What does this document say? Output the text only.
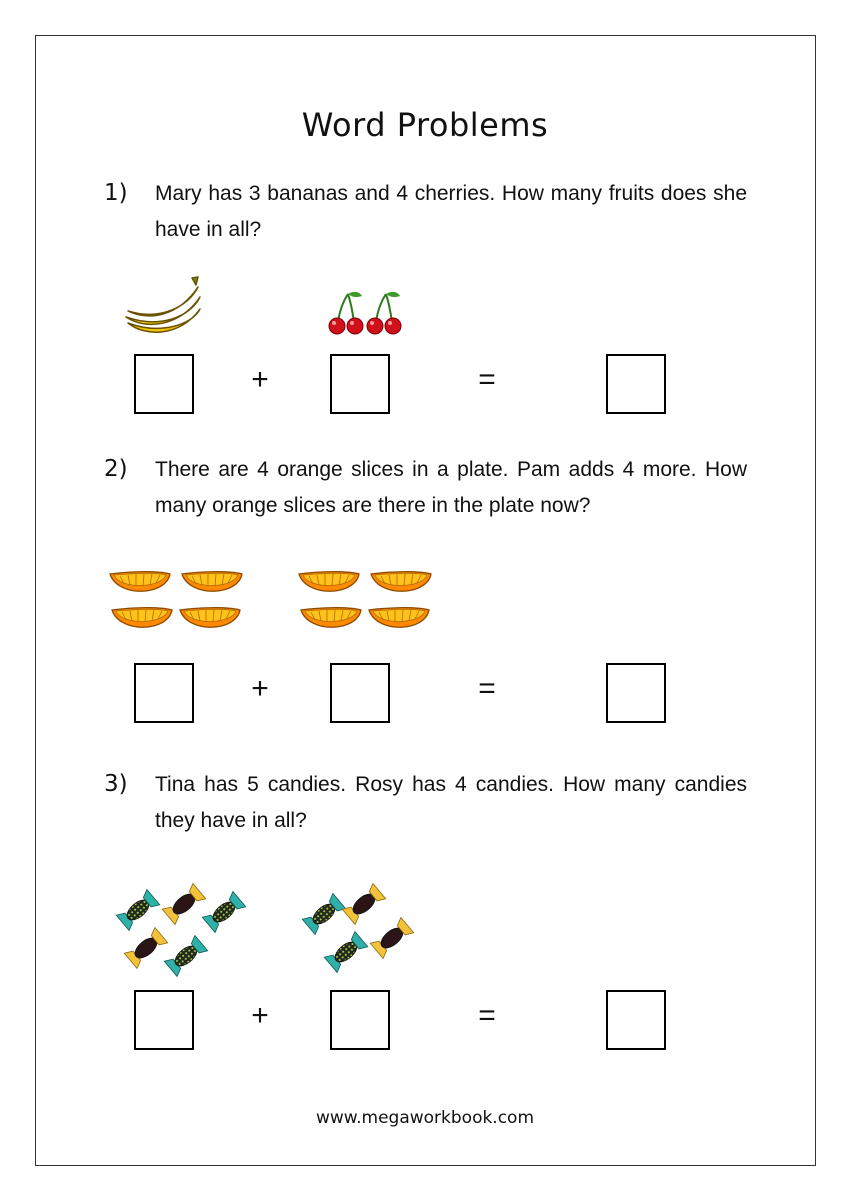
Word Problems
1) Mary has 3 bananas and 4 cherries. How many fruits does she have in all?
+	=
2) There are 4 orange slices in a plate. Pam adds 4 more. How many orange slices are there in the plate now?
+	=
3) Tina has 5 candies. Rosy has 4 candies. How many candies they have in all?
+	=
www.megaworkbook.com
